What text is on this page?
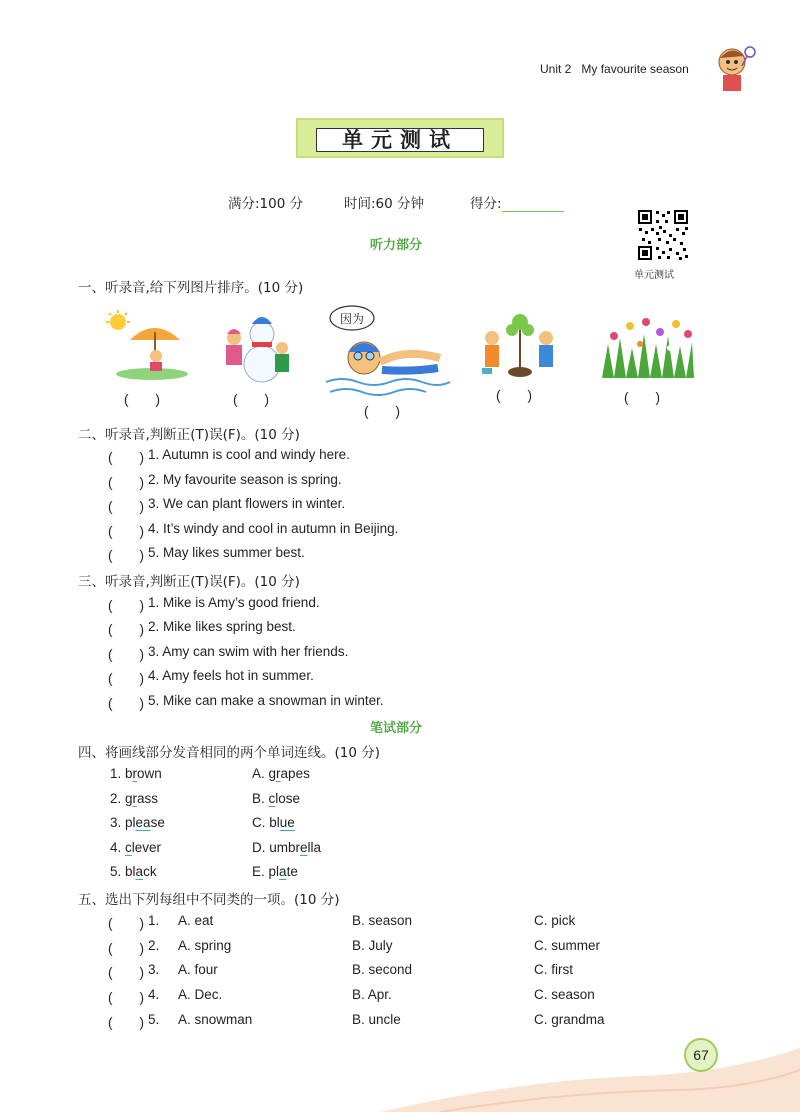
Unit 2 My favourite season
单元测试
满分:100 分	时间:60 分钟	得分:
单元测试
听力部分
一、听录音,给下列图片排序。(10 分)
因为
(　　)	(　　)
(　　)
(　　)	(　　)
二、听录音,判断正(T)误(F)。(10 分)
(　　) 1. Autumn is cool and windy here.
(　　) 2. My favourite season is spring.
(　　) 3. We can plant flowers in winter.
(　　) 4. It’s windy and cool in autumn in Beijing.
(　　) 5. May likes summer best.
三、听录音,判断正(T)误(F)。(10 分)
(　　) 1. Mike is Amy’s good friend.
(　　) 2. Mike likes spring best.
(　　) 3. Amy can swim with her friends.
(　　) 4. Amy feels hot in summer.
(　　) 5. Mike can make a snowman in winter.
笔试部分
四、将画线部分发音相同的两个单词连线。(10 分)
1. brown
2. grass
3. please
4. clever
5. black
A. grapes
B. close
C. blue
D. umbrella
E. plate
五、选出下列每组中不同类的一项。(10 分)
(　　) 1. A. eat	B. season	C. pick
(　　) 2. A. spring	B. July	C. summer
(　　) 3. A. four	B. second	C. first
(　　) 4. A. Dec.	B. Apr.	C. season
(　　) 5. A. snowman	B. uncle	C. grandma
67
